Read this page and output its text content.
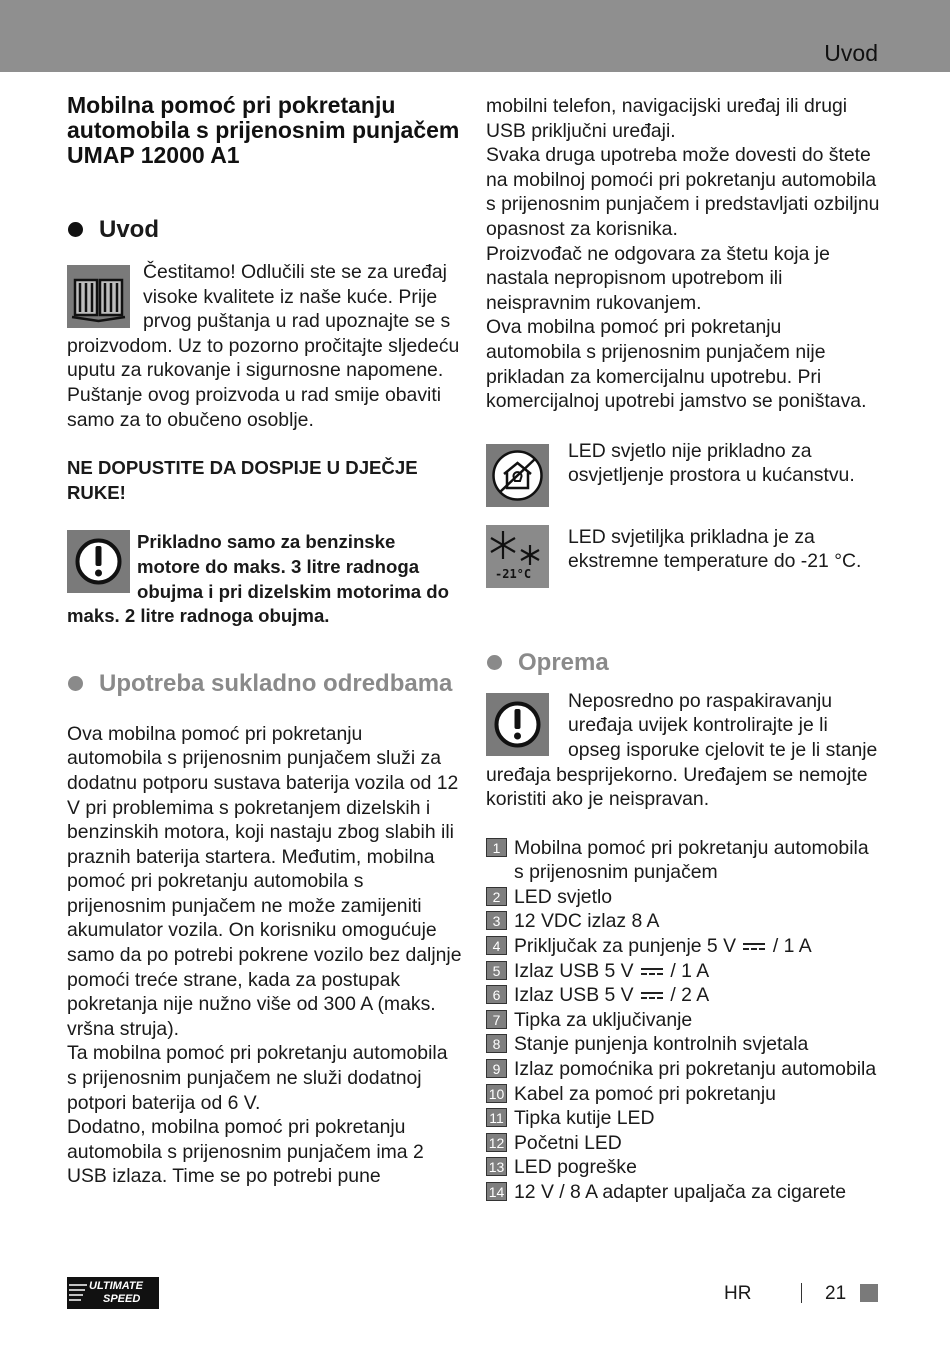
Uvod
Mobilna pomoć pri pokretanju automobila s prijenosnim punjačem UMAP 12000 A1
Uvod

Čestitamo! Odlučili ste se za uređaj visoke kvalitete iz naše kuće. Prije prvog puštanja u rad upoznajte se s proizvodom. Uz to pozorno pročitajte sljedeću uputu za rukovanje i sigurnosne napomene. Puštanje ovog proizvoda u rad smije obaviti samo za to obučeno osoblje.

NE DOPUSTITE DA DOSPIJE U DJEČJE RUKE!

Prikladno samo za benzinske motore do maks. 3 litre radnoga obujma i pri dizelskim motorima do maks. 2 litre radnoga obujma.

Upotreba sukladno odredbama

Ova mobilna pomoć pri pokretanju automobila s prijenosnim punjačem služi za dodatnu potporu sustava baterija vozila od 12 V pri problemima s pokretanjem dizelskih i benzinskih motora, koji nastaju zbog slabih ili praznih baterija startera. Međutim, mobilna pomoć pri pokretanju automobila s prijenosnim punjačem ne može zamijeniti akumulator vozila. On korisniku omogućuje samo da po potrebi pokrene vozilo bez daljnje pomoći treće strane, kada za postupak pokretanja nije nužno više od 300 A (maks. vršna struja).

Ta mobilna pomoć pri pokretanju automobila s prijenosnim punjačem ne služi dodatnoj potpori baterija od 6 V.

Dodatno, mobilna pomoć pri pokretanju automobila s prijenosnim punjačem ima 2 USB izlaza. Time se po potrebi pune

mobilni telefon, navigacijski uređaj ili drugi USB priključni uređaji.

Svaka druga upotreba može dovesti do štete na mobilnoj pomoći pri pokretanju automobila s prijenosnim punjačem i predstavljati ozbiljnu opasnost za korisnika.

Proizvođač ne odgovara za štetu koja je nastala nepropisnom upotrebom ili neispravnim rukovanjem.

Ova mobilna pomoć pri pokretanju automobila s prijenosnim punjačem nije prikladan za komercijalnu upotrebu. Pri komercijalnoj upotrebi jamstvo se poništava.

LED svjetlo nije prikladno za osvjetljenje prostora u kućanstvu.

-21°C

LED svjetiljka prikladna je za ekstremne temperature do -21 °C.

Oprema

Neposredno po raspakiravanju uređaja uvijek kontrolirajte je li opseg isporuke cjelovit te je li stanje uređaja besprijekorno. Uređajem se nemojte koristiti ako je neispravan.

1 Mobilna pomoć pri pokretanju automobila s prijenosnim punjačem
2 LED svjetlo
3 12 VDC izlaz 8 A
4 Priključak za punjenje 5 V / 1 A
5 Izlaz USB 5 V / 1 A
6 Izlaz USB 5 V / 2 A
7 Tipka za uključivanje
8 Stanje punjenja kontrolnih svjetala
9 Izlaz pomoćnika pri pokretanju automobila
10 Kabel za pomoć pri pokretanju
11 Tipka kutije LED
12 Početni LED
13 LED pogreške
14 12 V / 8 A adapter upaljača za cigarete
ULTIMATE
SPEED	HR	21
